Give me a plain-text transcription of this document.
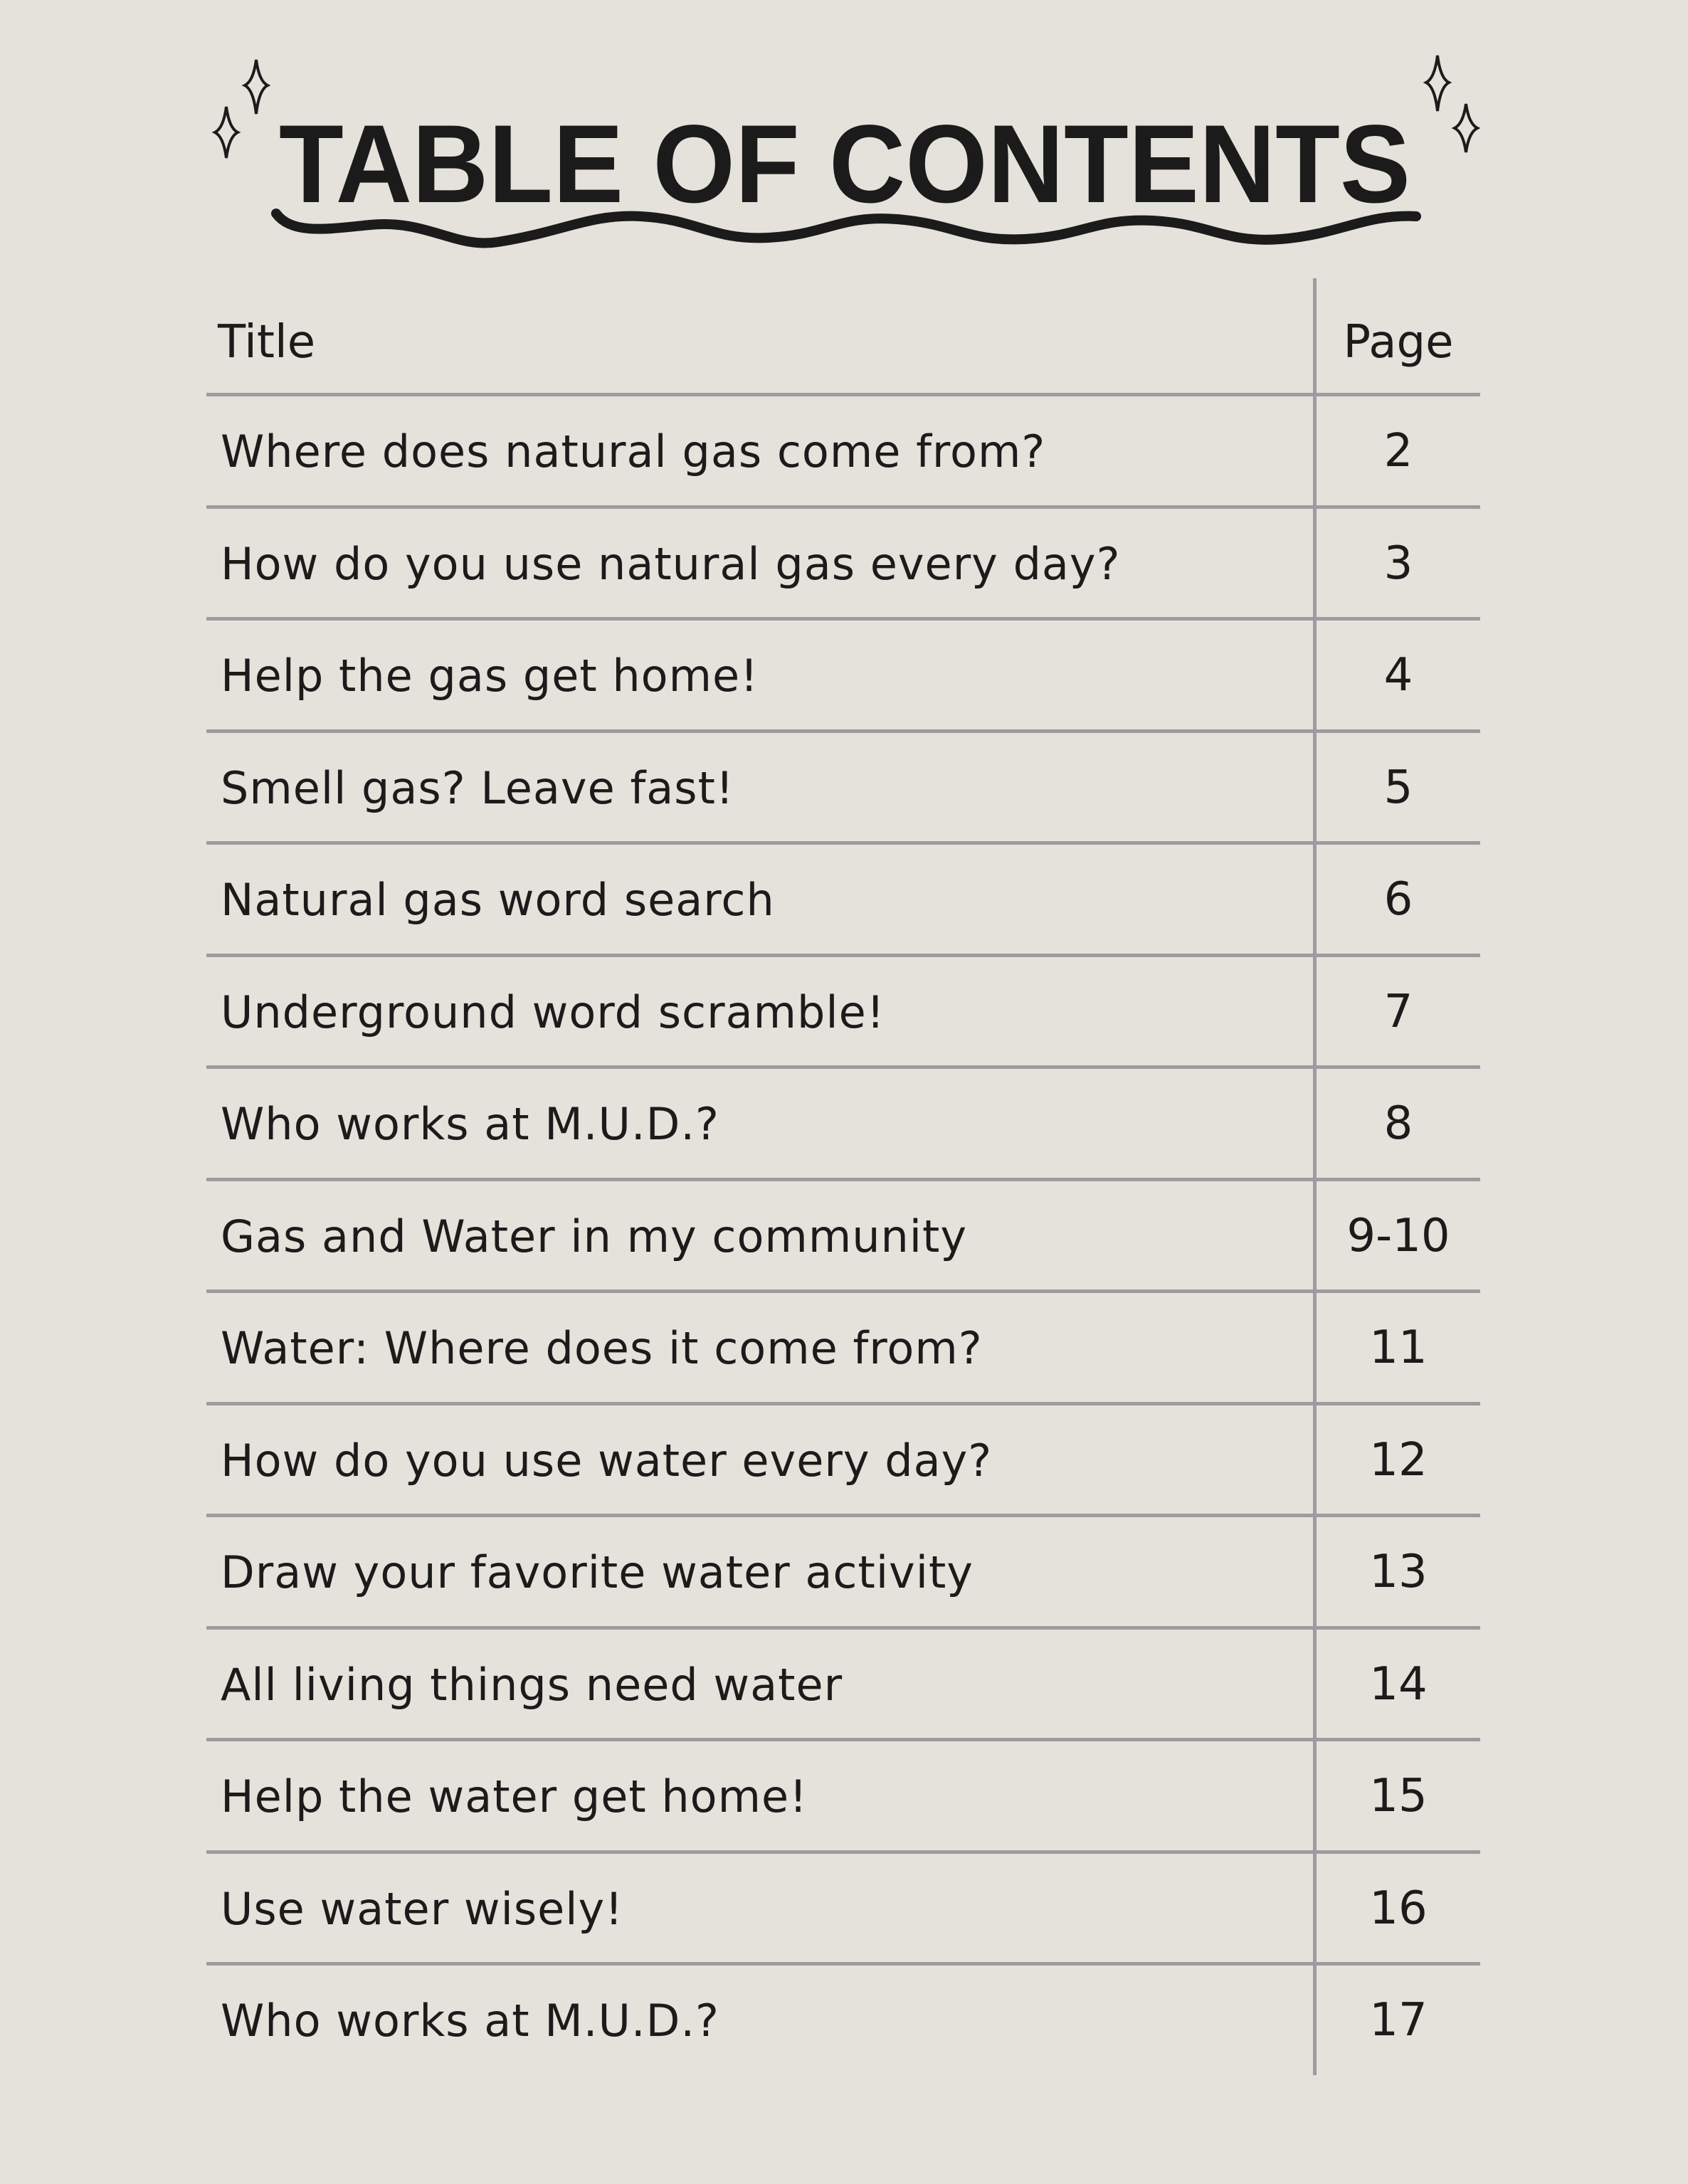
TABLE OF CONTENTS
Title	Page
Where does natural gas come from?	2
How do you use natural gas every day?	3
Help the gas get home!	4
Smell gas? Leave fast!	5
Natural gas word search	6
Underground word scramble!	7
Who works at M.U.D.?	8
Gas and Water in my community	9-10
Water: Where does it come from?	11
How do you use water every day?	12
Draw your favorite water activity	13
All living things need water	14
Help the water get home!	15
Use water wisely!	16
Who works at M.U.D.?	17
